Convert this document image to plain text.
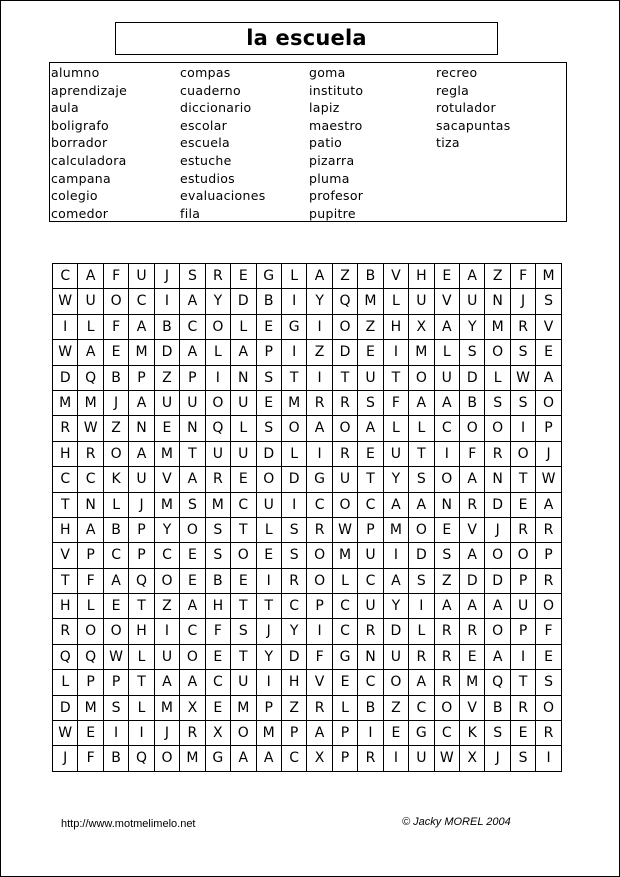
la escuela
alumno
aprendizaje
aula
boligrafo
borrador
calculadora
campana
colegio
comedor
compas
cuaderno
diccionario
escolar
escuela
estuche
estudios
evaluaciones
fila
goma
instituto
lapiz
maestro
patio
pizarra
pluma
profesor
pupitre
recreo
regla
rotulador
sacapuntas
tiza
C	A	F	U	J	S	R	E	G	L	A	Z	B	V	H	E	A	Z	F	M
W U	O	C	I	A	Y	D	B	I	Y	Q M	L	U	V	U	N	J	S
I	L	F	A	B	C	O	L	E	G	I	O	Z	H	X	A	Y	M	R	V
W A	E	M	D	A	L	A	P	I	Z	D	E	I	M	L	S	O	S	E
D	Q	B	P	Z	P	I	N	S	T	I	T	U	T	O	U	D	L	W A
M M	J	A	U	U	O	U	E	M	R	R	S	F	A	A	B	S	S	O
R W Z	N	E	N	Q	L	S	O	A	O	A	L	L	C	O	O	I	P
H	R	O	A	M	T	U	U	D	L	I	R	E	U	T	I	F	R	O	J
C	C	K	U	V	A	R	E	O	D	G	U	T	Y	S	O	A	N	T	W
T	N	L	J	M	S	M	C	U	I	C	O	C	A	A	N	R	D	E	A
H	A	B	P	Y	O	S	T	L	S	R W	P	M O	E	V	J	R	R
V	P	C	P	C	E	S	O	E	S	O M	U	I	D	S	A	O	O	P
T	F	A	Q	O	E	B	E	I	R	O	L	C	A	S	Z	D	D	P	R
H	L	E	T	Z	A	H	T	T	C	P	C	U	Y	I	A	A	A	U	O
R	O	O	H	I	C	F	S	J	Y	I	C	R	D	L	R	R	O	P	F
Q	Q W	L	U	O	E	T	Y	D	F	G	N	U	R	R	E	A	I	E
L	P	P	T	A	A	C	U	I	H	V	E	C	O	A	R	M Q	T	S
D	M	S	L	M	X	E	M	P	Z	R	L	B	Z	C	O	V	B	R	O
W	E	I	I	J	R	X	O M	P	A	P	I	E	G	C	K	S	E	R
J	F	B	Q	O M G	A	A	C	X	P	R	I	U W X	J	S	I
http://www.motmelimelo.net	© Jacky MOREL 2004
